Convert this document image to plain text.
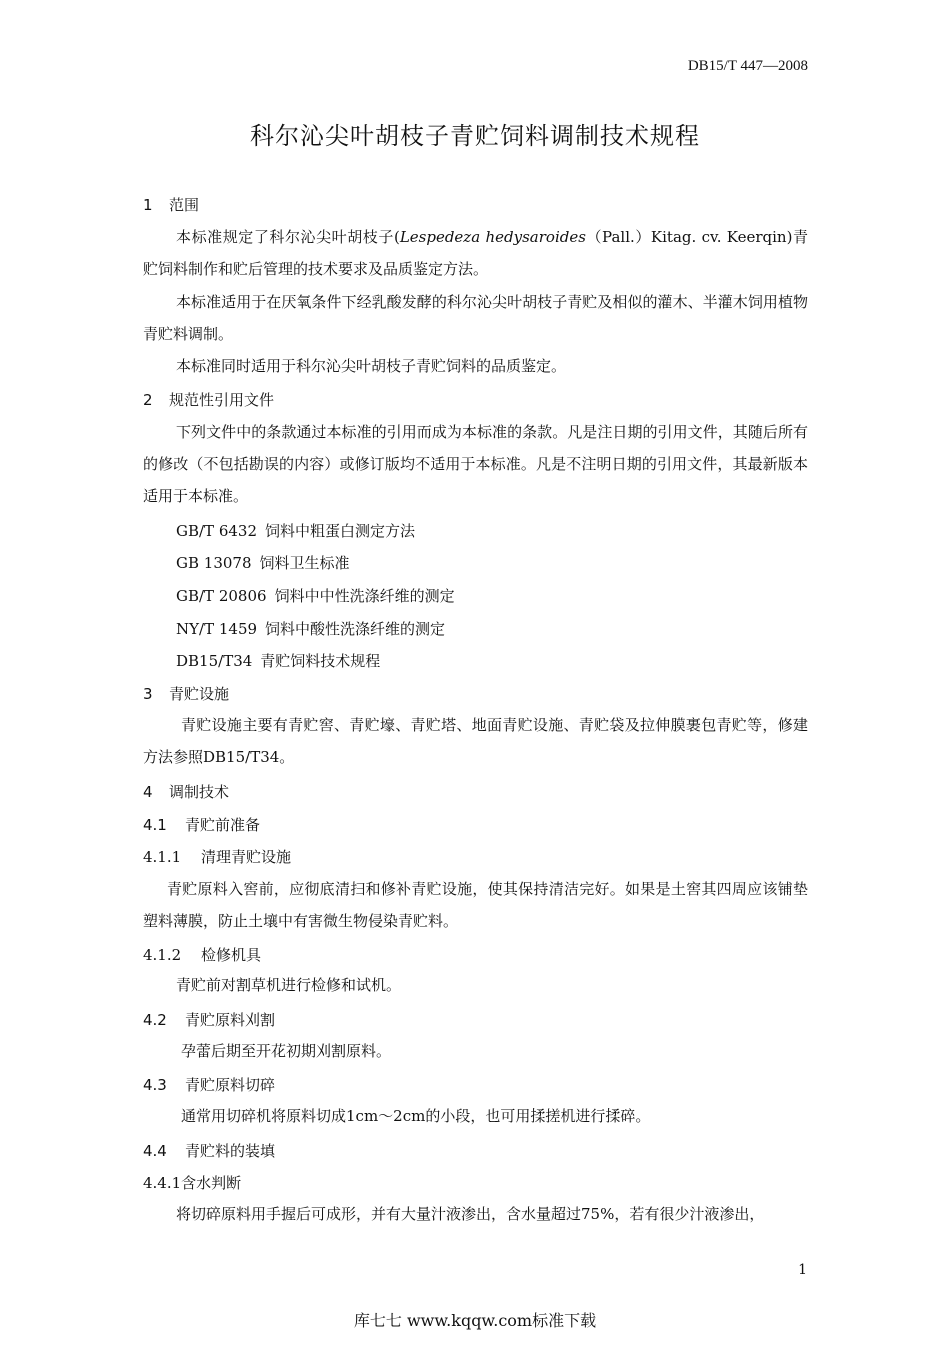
DB15/T 447—2008
科尔沁尖叶胡枝子青贮饲料调制技术规程
1 范围
本标准规定了科尔沁尖叶胡枝子(Lespedeza hedysaroides（Pall.）Kitag. cv. Keerqin)青贮饲料制作和贮后管理的技术要求及品质鉴定方法。
本标准适用于在厌氧条件下经乳酸发酵的科尔沁尖叶胡枝子青贮及相似的灌木、半灌木饲用植物青贮料调制。
本标准同时适用于科尔沁尖叶胡枝子青贮饲料的品质鉴定。
2 规范性引用文件
下列文件中的条款通过本标准的引用而成为本标准的条款。凡是注日期的引用文件，其随后所有的修改（不包括勘误的内容）或修订版均不适用于本标准。凡是不注明日期的引用文件，其最新版本适用于本标准。
GB/T 6432 饲料中粗蛋白测定方法
GB 13078 饲料卫生标准
GB/T 20806 饲料中中性洗涤纤维的测定
NY/T 1459 饲料中酸性洗涤纤维的测定
DB15/T34 青贮饲料技术规程
3 青贮设施
青贮设施主要有青贮窖、青贮壕、青贮塔、地面青贮设施、青贮袋及拉伸膜裹包青贮等，修建方法参照DB15/T34。
4 调制技术
4.1 青贮前准备
4.1.1 清理青贮设施
青贮原料入窖前，应彻底清扫和修补青贮设施，使其保持清洁完好。如果是土窖其四周应该铺垫塑料薄膜，防止土壤中有害微生物侵染青贮料。
4.1.2 检修机具
青贮前对割草机进行检修和试机。
4.2 青贮原料刈割
孕蕾后期至开花初期刈割原料。
4.3 青贮原料切碎
通常用切碎机将原料切成1cm～2cm的小段，也可用揉搓机进行揉碎。
4.4 青贮料的装填
4.4.1含水判断
将切碎原料用手握后可成形，并有大量汁液渗出，含水量超过75%，若有很少汁液渗出，
1
库七七 www.kqqw.com标准下载
